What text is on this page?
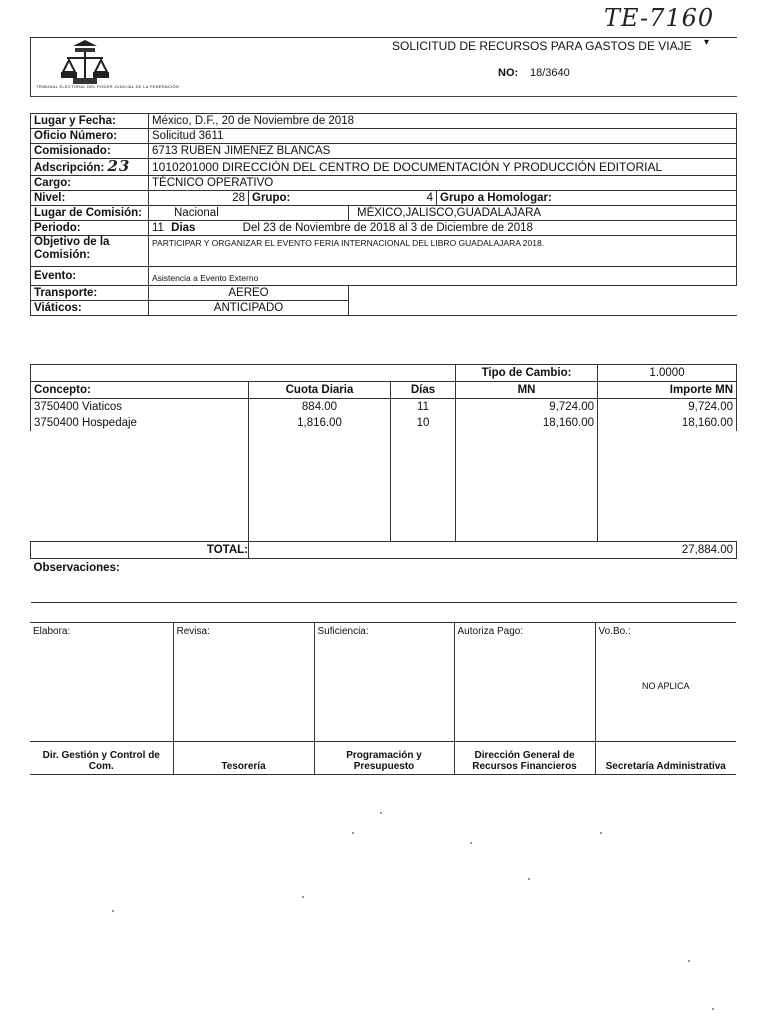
TE-7160
TRIBUNAL ELECTORAL DEL PODER JUDICIAL DE LA FEDERACIÓN
SOLICITUD DE RECURSOS PARA GASTOS DE VIAJE ▾
NO: 18/3640
Lugar y Fecha:	México, D.F., 20 de Noviembre de 2018			
Oficio Número:	Solicitud 3611			
Comisionado:	6713 RUBEN JIMENEZ BLANCAS			
Adscripción: 23	1010201000 DIRECCIÓN DEL CENTRO DE DOCUMENTACIÓN Y PRODUCCIÓN EDITORIAL			
Cargo:	TÉCNICO OPERATIVO			
Nivel:	28	Grupo:	4	Grupo a Homologar:
Lugar de Comisión:	Nacional		MÉXICO,JALISCO,GUADALAJARA	
Periodo:	11 Dias Del 23 de Noviembre de 2018 al 3 de Diciembre de 2018			

Objetivo de la
Comisión:	PARTICIPAR Y ORGANIZAR EL EVENTO FERIA INTERNACIONAL DEL LIBRO GUADALAJARA 2018.			
Evento:	Asistencia a Evento Externo			
Transporte:	AEREO			
Viáticos:	ANTICIPADO			
			Tipo de Cambio:	1.0000
Concepto:	Cuota Diaria	Días	MN	Importe MN
3750400 Viaticos	884.00	11	9,724.00	9,724.00
3750400 Hospedaje	1,816.00	10	18,160.00	18,160.00

TOTAL:	27,884.00			
Observaciones:				
Elabora:	Revisa:	Suficiencia:	Autoriza Pago:	Vo.Bo.:
NO APLICA

Dir. Gestión y Control de Com.	Tesorería	Programación y Presupuesto	Dirección General de Recursos Financieros	Secretaría Administrativa
